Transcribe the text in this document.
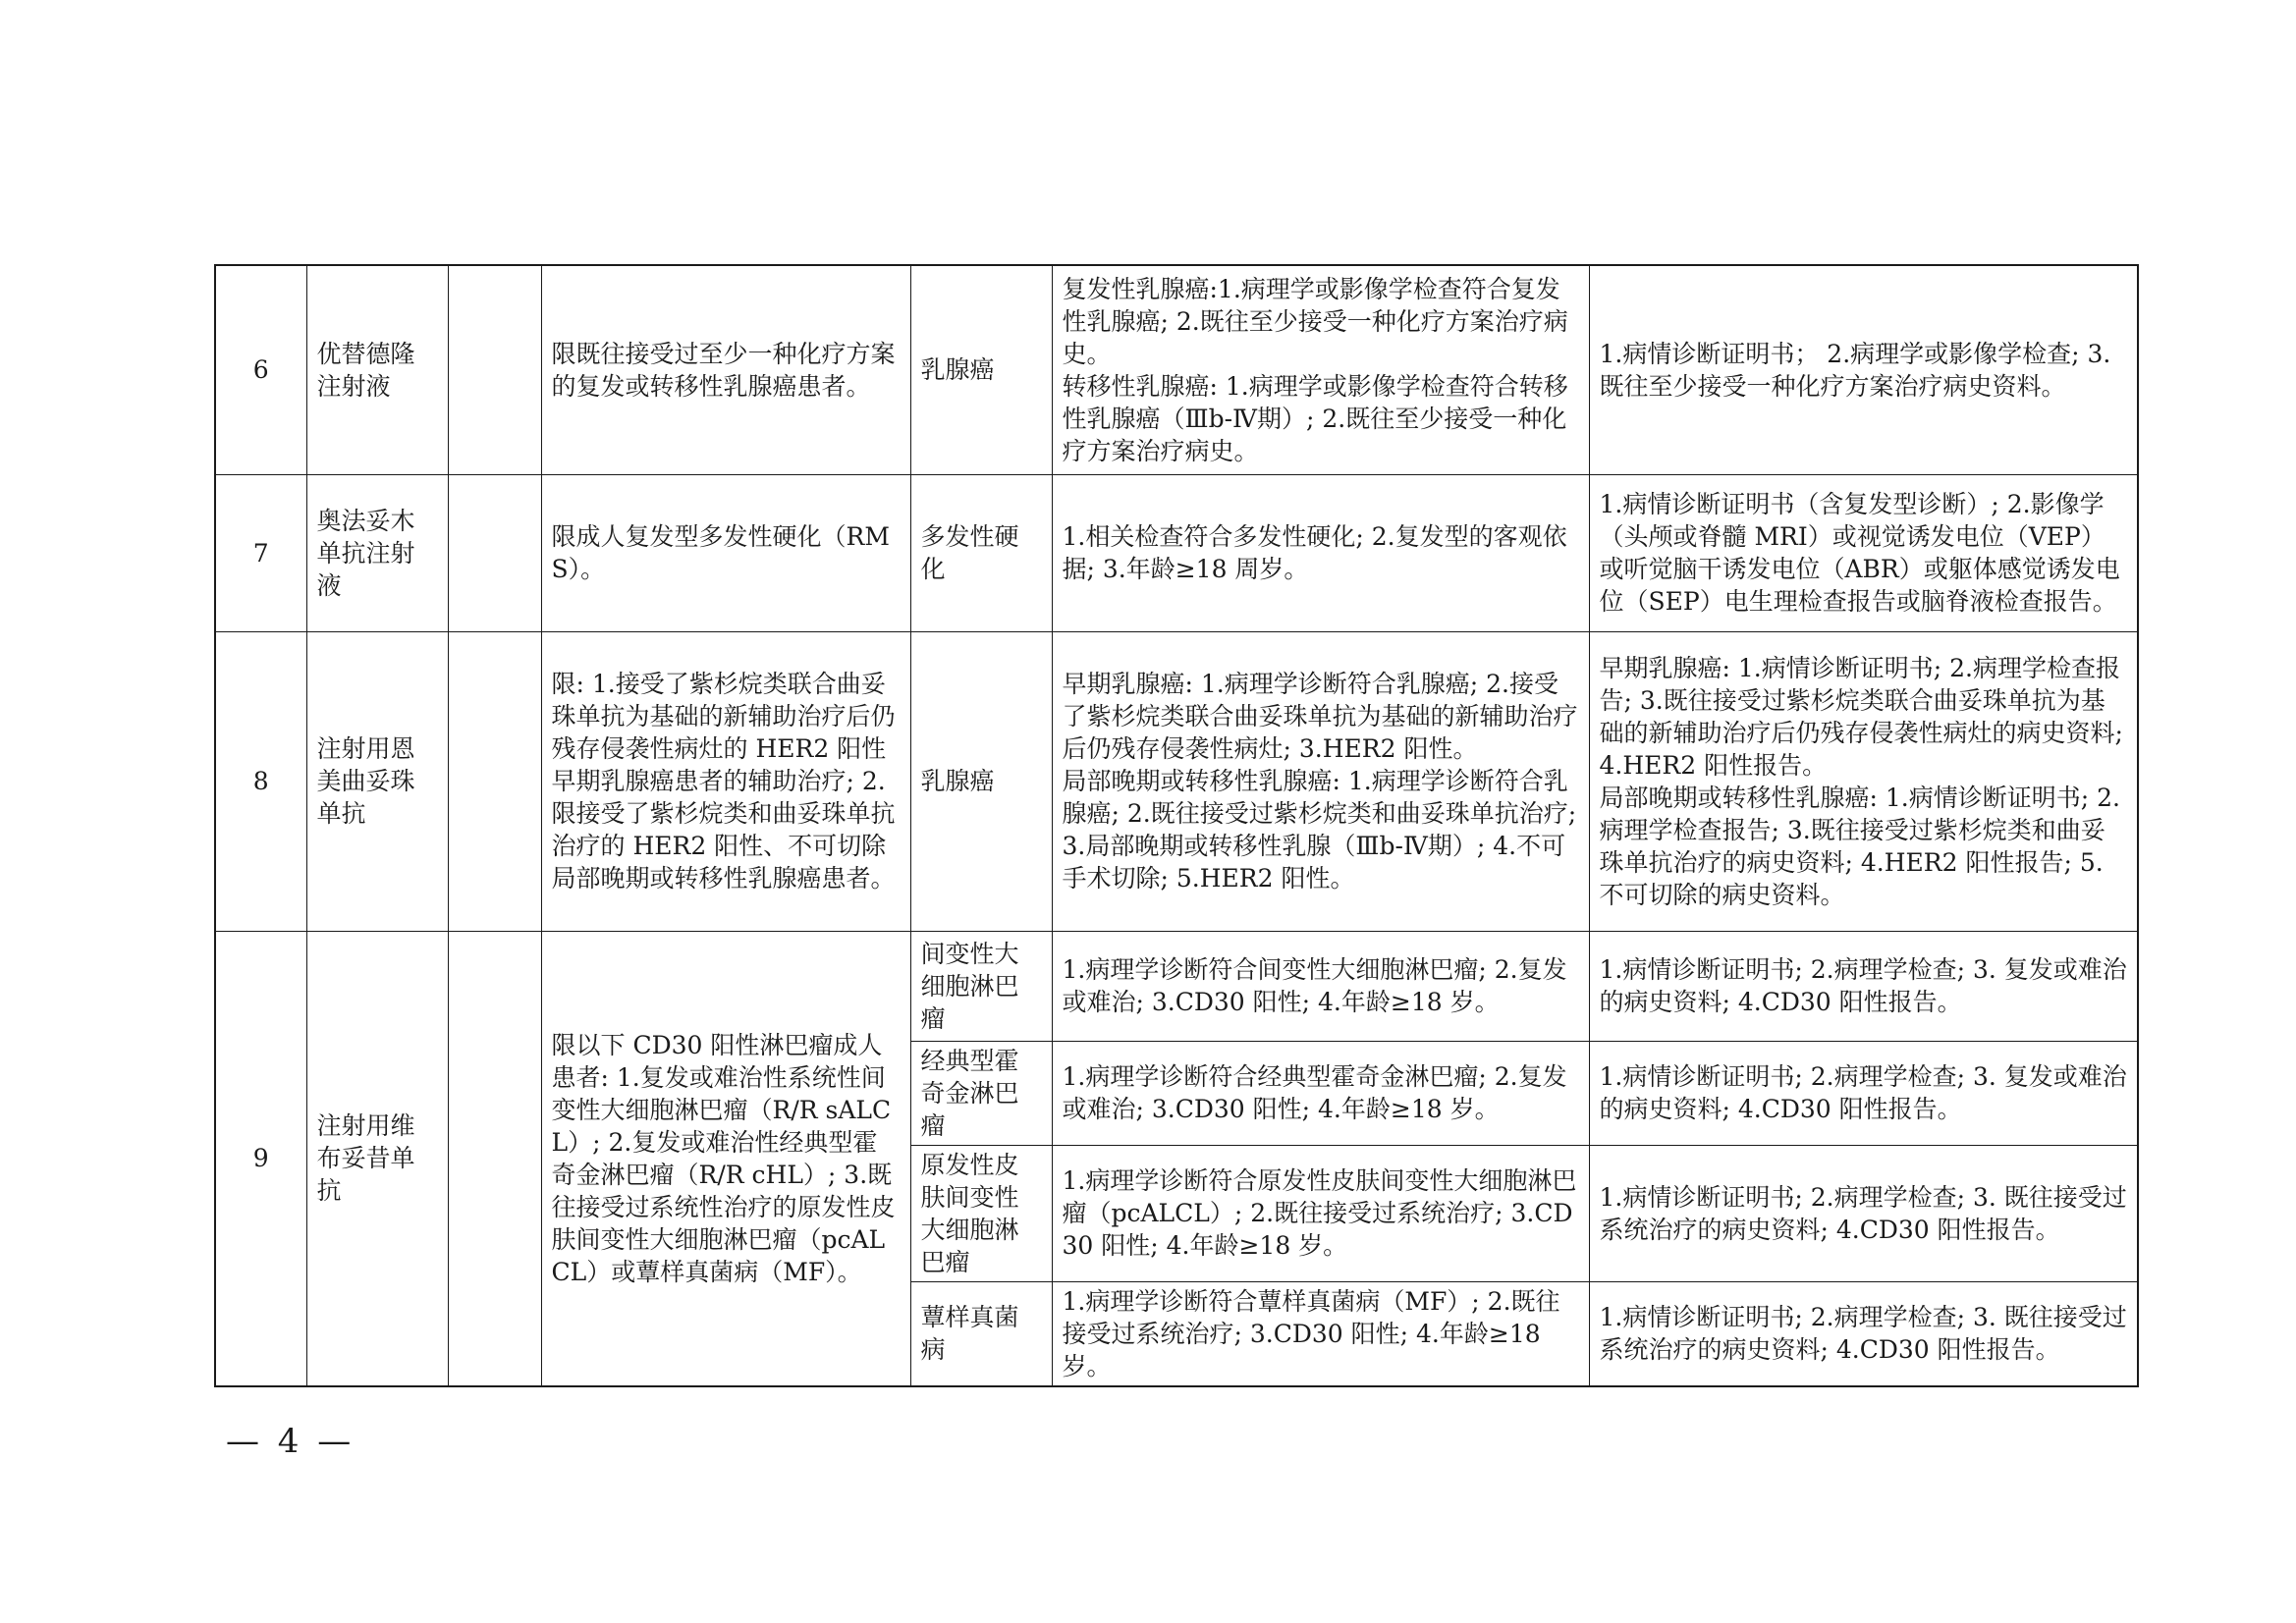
6	优替德隆注射液		限既往接受过至少一种化疗方案的复发或转移性乳腺癌患者。	乳腺癌	复发性乳腺癌:1.病理学或影像学检查符合复发性乳腺癌; 2.既往至少接受一种化疗方案治疗病史。
转移性乳腺癌: 1.病理学或影像学检查符合转移性乳腺癌（Ⅲb-Ⅳ期）; 2.既往至少接受一种化疗方案治疗病史。	1.病情诊断证明书； 2.病理学或影像学检查; 3.既往至少接受一种化疗方案治疗病史资料。
7	奥法妥木单抗注射液		限成人复发型多发性硬化（RMS）。	多发性硬化	1.相关检查符合多发性硬化; 2.复发型的客观依据; 3.年龄≥18 周岁。	1.病情诊断证明书（含复发型诊断）; 2.影像学（头颅或脊髓 MRI）或视觉诱发电位（VEP）或听觉脑干诱发电位（ABR）或躯体感觉诱发电位（SEP）电生理检查报告或脑脊液检查报告。
8	注射用恩美曲妥珠单抗		限: 1.接受了紫杉烷类联合曲妥珠单抗为基础的新辅助治疗后仍残存侵袭性病灶的 HER2 阳性早期乳腺癌患者的辅助治疗; 2.限接受了紫杉烷类和曲妥珠单抗治疗的 HER2 阳性、不可切除局部晚期或转移性乳腺癌患者。	乳腺癌	早期乳腺癌: 1.病理学诊断符合乳腺癌; 2.接受了紫杉烷类联合曲妥珠单抗为基础的新辅助治疗后仍残存侵袭性病灶; 3.HER2 阳性。
局部晚期或转移性乳腺癌: 1.病理学诊断符合乳腺癌; 2.既往接受过紫杉烷类和曲妥珠单抗治疗; 3.局部晚期或转移性乳腺（Ⅲb-Ⅳ期）; 4.不可手术切除; 5.HER2 阳性。	早期乳腺癌: 1.病情诊断证明书; 2.病理学检查报告; 3.既往接受过紫杉烷类联合曲妥珠单抗为基础的新辅助治疗后仍残存侵袭性病灶的病史资料; 4.HER2 阳性报告。
局部晚期或转移性乳腺癌: 1.病情诊断证明书; 2.病理学检查报告; 3.既往接受过紫杉烷类和曲妥珠单抗治疗的病史资料; 4.HER2 阳性报告; 5.不可切除的病史资料。

9	注射用维布妥昔单抗		限以下 CD30 阳性淋巴瘤成人患者: 1.复发或难治性系统性间变性大细胞淋巴瘤（R/R sALCL）; 2.复发或难治性经典型霍奇金淋巴瘤（R/R cHL）; 3.既往接受过系统性治疗的原发性皮肤间变性大细胞淋巴瘤（pcALCL）或蕈样真菌病（MF）。	间变性大细胞淋巴瘤	1.病理学诊断符合间变性大细胞淋巴瘤; 2.复发或难治; 3.CD30 阳性; 4.年龄≥18 岁。	1.病情诊断证明书; 2.病理学检查; 3. 复发或难治的病史资料; 4.CD30 阳性报告。
				经典型霍奇金淋巴瘤	1.病理学诊断符合经典型霍奇金淋巴瘤; 2.复发或难治; 3.CD30 阳性; 4.年龄≥18 岁。	1.病情诊断证明书; 2.病理学检查; 3. 复发或难治的病史资料; 4.CD30 阳性报告。
				原发性皮肤间变性大细胞淋巴瘤	1.病理学诊断符合原发性皮肤间变性大细胞淋巴瘤（pcALCL）; 2.既往接受过系统治疗; 3.CD30 阳性; 4.年龄≥18 岁。	1.病情诊断证明书; 2.病理学检查; 3. 既往接受过系统治疗的病史资料; 4.CD30 阳性报告。
				蕈样真菌病	1.病理学诊断符合蕈样真菌病（MF）; 2.既往接受过系统治疗; 3.CD30 阳性; 4.年龄≥18 岁。	1.病情诊断证明书; 2.病理学检查; 3. 既往接受过系统治疗的病史资料; 4.CD30 阳性报告。
— 4 —
